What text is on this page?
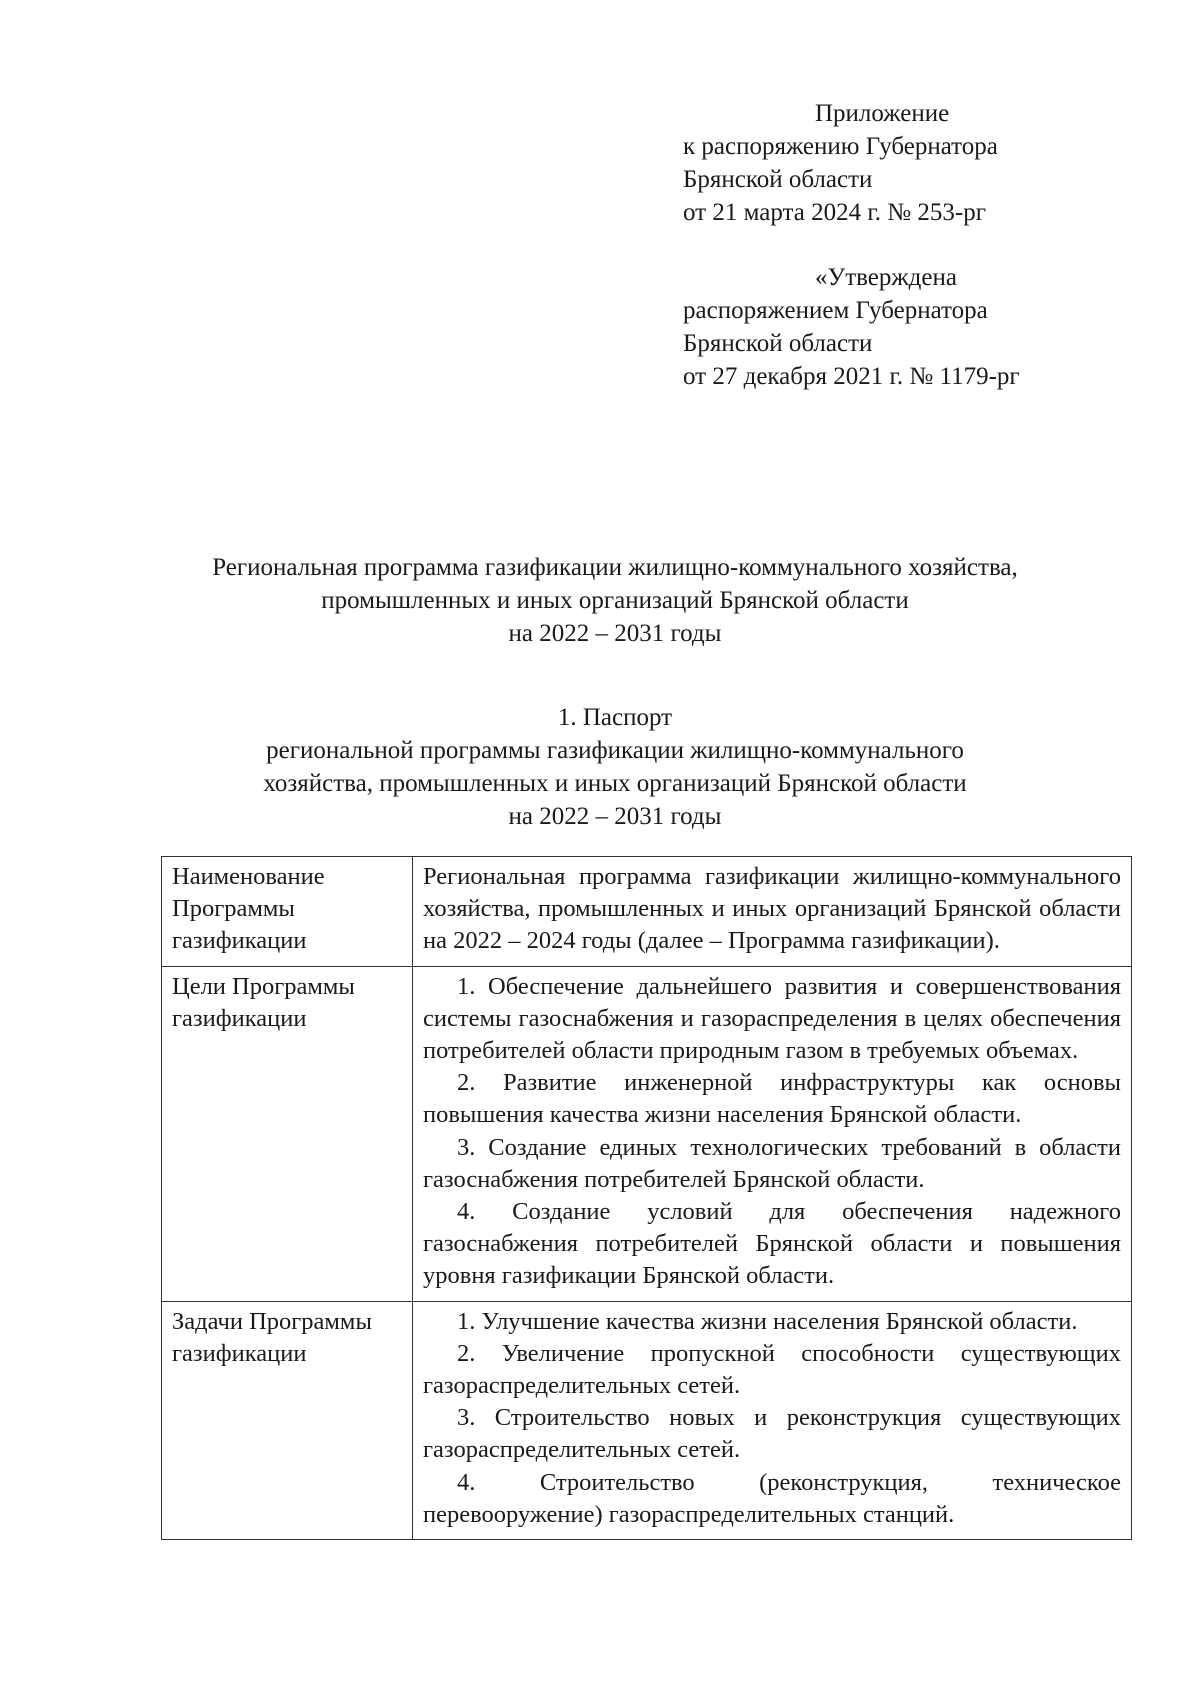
Приложение
к распоряжению Губернатора
Брянской области
от 21 марта 2024 г. № 253-рг
«Утверждена
распоряжением Губернатора
Брянской области
от 27 декабря 2021 г. № 1179-рг
Региональная программа газификации жилищно-коммунального хозяйства,
промышленных и иных организаций Брянской области
на 2022 – 2031 годы
1. Паспорт
региональной программы газификации жилищно-коммунального
хозяйства, промышленных и иных организаций Брянской области
на 2022 – 2031 годы
Наименование Программы газификации	Региональная программа газификации жилищно-коммунального хозяйства, промышленных и иных организаций Брянской области на 2022 – 2024 годы (далее – Программа газификации).

Цели Программы газификации	1. Обеспечение дальнейшего развития и совершенствования системы газоснабжения и газораспределения в целях обеспечения потребителей области природным газом в требуемых объемах.

2. Развитие инженерной инфраструктуры как основы повышения качества жизни населения Брянской области.

3. Создание единых технологических требований в области газоснабжения потребителей Брянской области.

4. Создание условий для обеспечения надежного газоснабжения потребителей Брянской области и повышения уровня газификации Брянской области.

Задачи Программы газификации	1. Улучшение качества жизни населения Брянской области.

2. Увеличение пропускной способности существующих газораспределительных сетей.

3. Строительство новых и реконструкция существующих газораспределительных сетей.

4. Строительство (реконструкция, техническое перевооружение) газораспределительных станций.
